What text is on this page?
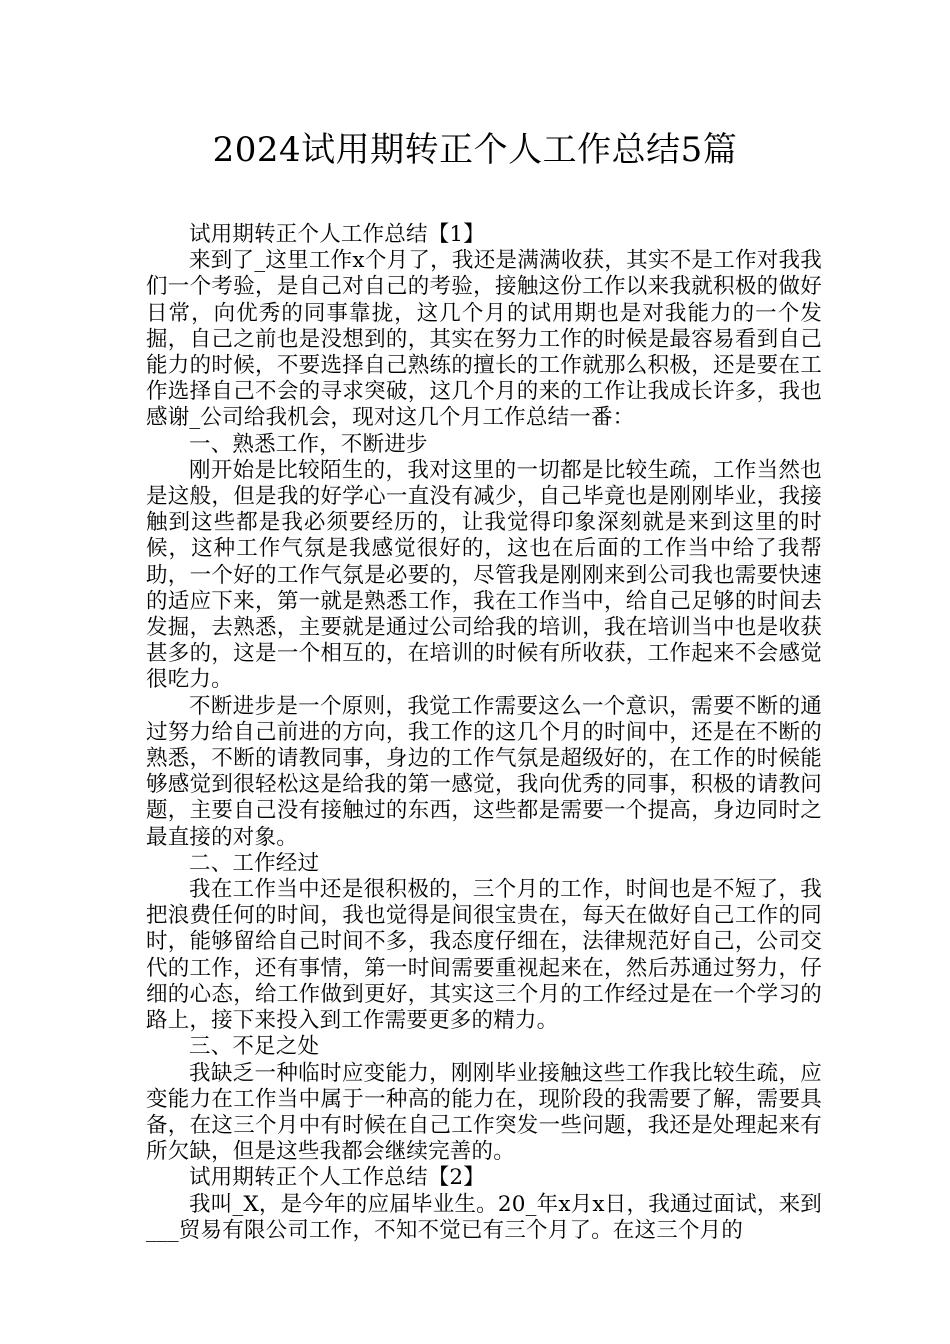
2024试用期转正个人工作总结5篇

试用期转正个人工作总结【1】

来到了_这里工作x个月了，我还是满满收获，其实不是工作对我我们一个考验，是自己对自己的考验，接触这份工作以来我就积极的做好日常，向优秀的同事靠拢，这几个月的试用期也是对我能力的一个发掘，自己之前也是没想到的，其实在努力工作的时候是最容易看到自己能力的时候，不要选择自己熟练的擅长的工作就那么积极，还是要在工作选择自己不会的寻求突破，这几个月的来的工作让我成长许多，我也感谢_公司给我机会，现对这几个月工作总结一番：

一、熟悉工作，不断进步

刚开始是比较陌生的，我对这里的一切都是比较生疏，工作当然也是这般，但是我的好学心一直没有减少，自己毕竟也是刚刚毕业，我接触到这些都是我必须要经历的，让我觉得印象深刻就是来到这里的时候，这种工作气氛是我感觉很好的，这也在后面的工作当中给了我帮助，一个好的工作气氛是必要的，尽管我是刚刚来到公司我也需要快速的适应下来，第一就是熟悉工作，我在工作当中，给自己足够的时间去发掘，去熟悉，主要就是通过公司给我的培训，我在培训当中也是收获甚多的，这是一个相互的，在培训的时候有所收获，工作起来不会感觉很吃力。

不断进步是一个原则，我觉工作需要这么一个意识，需要不断的通过努力给自己前进的方向，我工作的这几个月的时间中，还是在不断的熟悉，不断的请教同事，身边的工作气氛是超级好的，在工作的时候能够感觉到很轻松这是给我的第一感觉，我向优秀的同事，积极的请教问题，主要自己没有接触过的东西，这些都是需要一个提高，身边同时之最直接的对象。

二、工作经过

我在工作当中还是很积极的，三个月的工作，时间也是不短了，我把浪费任何的时间，我也觉得是间很宝贵在，每天在做好自己工作的同时，能够留给自己时间不多，我态度仔细在，法律规范好自己，公司交代的工作，还有事情，第一时间需要重视起来在，然后苏通过努力，仔细的心态，给工作做到更好，其实这三个月的工作经过是在一个学习的路上，接下来投入到工作需要更多的精力。

三、不足之处

我缺乏一种临时应变能力，刚刚毕业接触这些工作我比较生疏，应变能力在工作当中属于一种高的能力在，现阶段的我需要了解，需要具备，在这三个月中有时候在自己工作突发一些问题，我还是处理起来有所欠缺，但是这些我都会继续完善的。

试用期转正个人工作总结【2】

我叫_X，是今年的应届毕业生。20_年x月x日，我通过面试，来到___贸易有限公司工作，不知不觉已有三个月了。在这三个月的
